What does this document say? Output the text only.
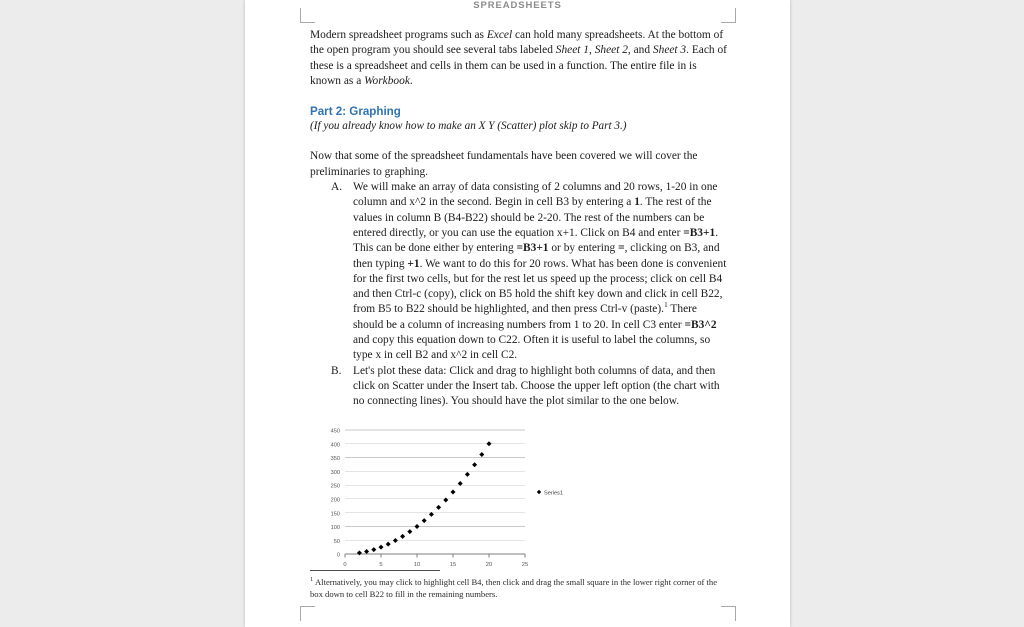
SPREADSHEETS

Modern spreadsheet programs such as Excel can hold many spreadsheets. At the bottom of the open program you should see several tabs labeled Sheet 1, Sheet 2, and Sheet 3. Each of these is a spreadsheet and cells in them can be used in a function. The entire file in is known as a Workbook.

Part 2: Graphing

(If you already know how to make an X Y (Scatter) plot skip to Part 3.)

Now that some of the spreadsheet fundamentals have been covered we will cover the preliminaries to graphing.

A. We will make an array of data consisting of 2 columns and 20 rows, 1-20 in one column and x^2 in the second. Begin in cell B3 by entering a 1. The rest of the values in column B (B4-B22) should be 2-20. The rest of the numbers can be entered directly, or you can use the equation x+1. Click on B4 and enter =B3+1. This can be done either by entering =B3+1 or by entering =, clicking on B3, and then typing +1. We want to do this for 20 rows. What has been done is convenient for the first two cells, but for the rest let us speed up the process; click on cell B4 and then Ctrl-c (copy), click on B5 hold the shift key down and click in cell B22, from B5 to B22 should be highlighted, and then press Ctrl-v (paste).$^1$ There should be a column of increasing numbers from 1 to 20. In cell C3 enter =B3^2 and copy this equation down to C22. Often it is useful to label the columns, so type x in cell B2 and x^2 in cell C2.
B.	Let's plot these data: Click and drag to highlight both columns of data, and then click on Scatter under the Insert tab. Choose the upper left option (the chart with no connecting lines). You should have the plot similar to the one below.
0
50
100
150
200
250
300
350
400
450
0	5	10	15	20	25
Series1

$^1$ Alternatively, you may click to highlight cell B4, then click and drag the small square in the lower right corner of the box down to cell B22 to fill in the remaining numbers.
